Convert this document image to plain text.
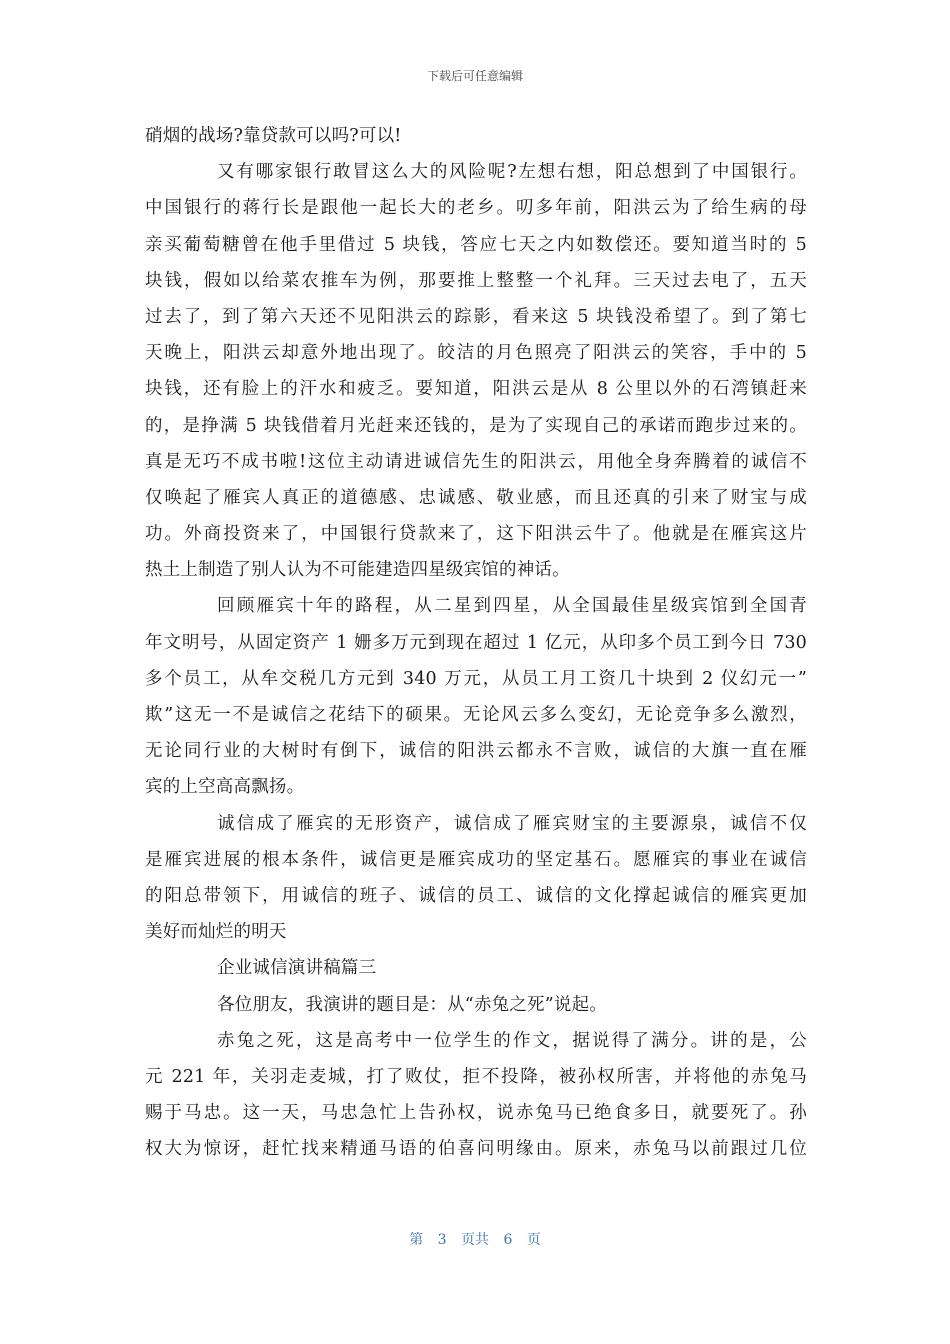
下载后可任意编辑
硝烟的战场?靠贷款可以吗?可以!
又有哪家银行敢冒这么大的风险呢?左想右想，阳总想到了中国银行。
中国银行的蒋行长是跟他一起长大的老乡。叨多年前，阳洪云为了给生病的母
亲买葡萄糖曾在他手里借过 5 块钱，答应七天之内如数偿还。要知道当时的 5
块钱，假如以给菜农推车为例，那要推上整整一个礼拜。三天过去电了，五天
过去了，到了第六天还不见阳洪云的踪影，看来这 5 块钱没希望了。到了第七
天晚上，阳洪云却意外地出现了。皎洁的月色照亮了阳洪云的笑容，手中的 5
块钱，还有脸上的汗水和疲乏。要知道，阳洪云是从 8 公里以外的石湾镇赶来
的，是挣满 5 块钱借着月光赶来还钱的，是为了实现自己的承诺而跑步过来的。
真是无巧不成书啦!这位主动请进诚信先生的阳洪云，用他全身奔腾着的诚信不
仅唤起了雁宾人真正的道德感、忠诚感、敬业感，而且还真的引来了财宝与成
功。外商投资来了，中国银行贷款来了，这下阳洪云牛了。他就是在雁宾这片
热土上制造了别人认为不可能建造四星级宾馆的神话。
回顾雁宾十年的路程，从二星到四星，从全国最佳星级宾馆到全国青
年文明号，从固定资产 1 姗多万元到现在超过 1 亿元，从印多个员工到今日 730
多个员工，从牟交税几方元到 340 万元，从员工月工资几十块到 2 仪幻元一”
欺”这无一不是诚信之花结下的硕果。无论风云多么变幻，无论竞争多么激烈，
无论同行业的大树时有倒下，诚信的阳洪云都永不言败，诚信的大旗一直在雁
宾的上空高高飘扬。
诚信成了雁宾的无形资产，诚信成了雁宾财宝的主要源泉，诚信不仅
是雁宾进展的根本条件，诚信更是雁宾成功的坚定基石。愿雁宾的事业在诚信
的阳总带领下，用诚信的班子、诚信的员工、诚信的文化撑起诚信的雁宾更加
美好而灿烂的明天
企业诚信演讲稿篇三
各位朋友，我演讲的题目是：从“赤兔之死”说起。
赤兔之死，这是高考中一位学生的作文，据说得了满分。讲的是，公
元 221 年，关羽走麦城，打了败仗，拒不投降，被孙权所害，并将他的赤兔马
赐于马忠。这一天，马忠急忙上告孙权，说赤兔马已绝食多日，就要死了。孙
权大为惊讶，赶忙找来精通马语的伯喜问明缘由。原来，赤兔马以前跟过几位
第 3 页共 6 页
